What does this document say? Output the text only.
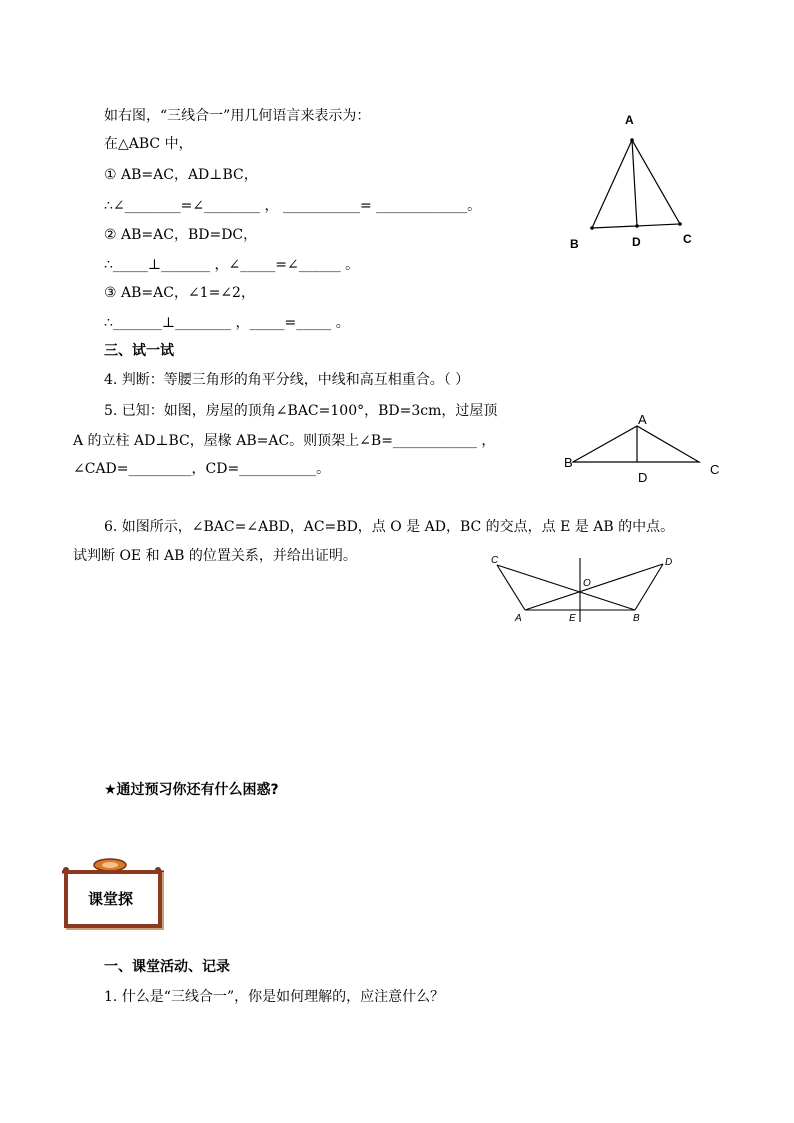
如右图，“三线合一”用几何语言来表示为：
在△ABC 中，
① AB=AC，AD⊥BC，
∴∠________=∠________ ， ___________= _____________。
② AB=AC，BD=DC，
∴_____⊥_______ ，∠_____=∠______ 。
③ AB=AC，∠1=∠2，
∴_______⊥________ ，_____=_____ 。
A
B	D	C
三、试一试
4. 判断：等腰三角形的角平分线，中线和高互相重合。（ ）
5. 已知：如图，房屋的顶角∠BAC=100°，BD=3cm，过屋顶
A 的立柱 AD⊥BC，屋椽 AB=AC。则顶架上∠B=____________ ，
∠CAD=_________，CD=___________。
A
B
D
C
6. 如图所示，∠BAC=∠ABD，AC=BD，点 O 是 AD，BC 的交点，点 E 是 AB 的中点。
试判断 OE 和 AB 的位置关系，并给出证明。	C
O
D
A	E	B
★通过预习你还有什么困惑?
课堂探
一、课堂活动、记录
1. 什么是“三线合一”，你是如何理解的，应注意什么？
